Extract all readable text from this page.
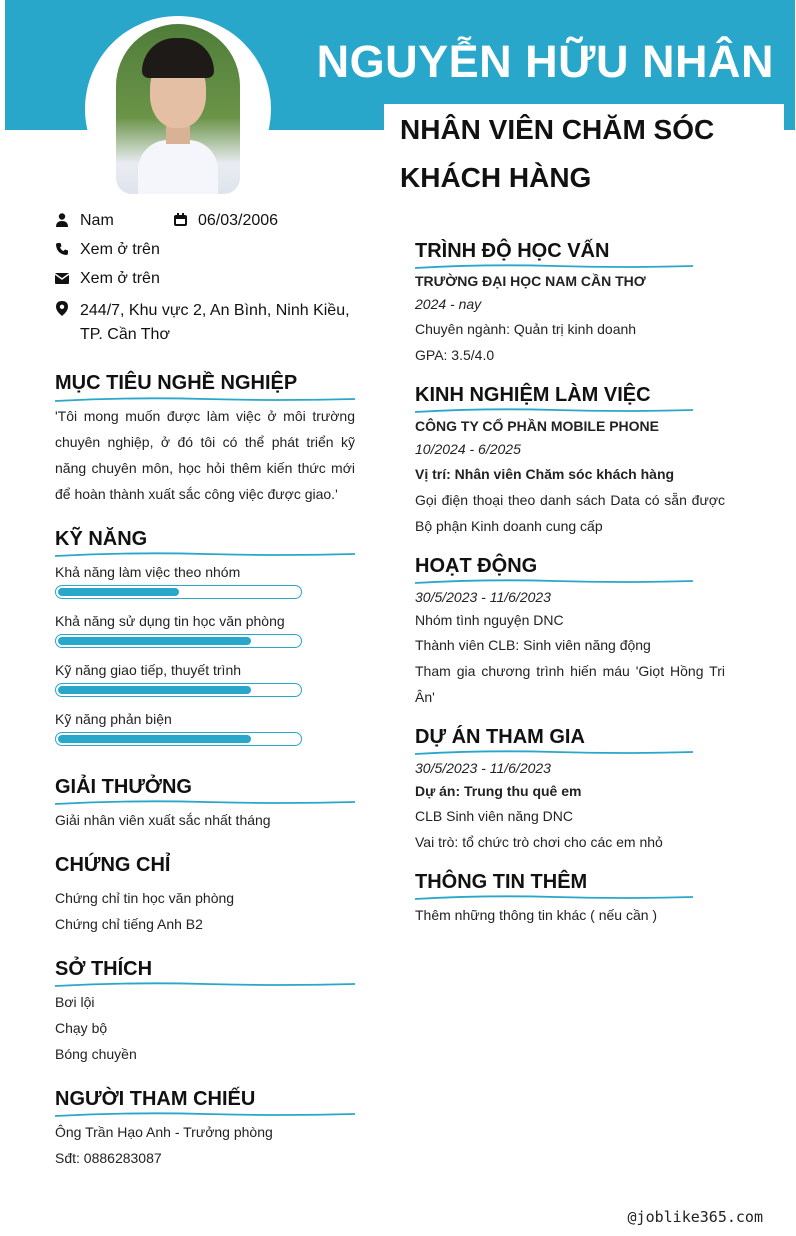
NGUYỄN HỮU NHÂN
NHÂN VIÊN CHĂM SÓC KHÁCH HÀNG
Nam	06/03/2006
Xem ở trên
Xem ở trên
244/7, Khu vực 2, An Bình, Ninh Kiều, TP. Cần Thơ
MỤC TIÊU NGHỀ NGHIỆP
'Tôi mong muốn được làm việc ở môi trường chuyên nghiệp, ở đó tôi có thể phát triển kỹ năng chuyên môn, học hỏi thêm kiến thức mới để hoàn thành xuất sắc công việc được giao.'
KỸ NĂNG
Khả năng làm việc theo nhóm
Khả năng sử dụng tin học văn phòng
Kỹ năng giao tiếp, thuyết trình
Kỹ năng phản biện
GIẢI THƯỞNG
Giải nhân viên xuất sắc nhất tháng
CHỨNG CHỈ
Chứng chỉ tin học văn phòng
Chứng chỉ tiếng Anh B2
SỞ THÍCH
Bơi lội
Chạy bộ
Bóng chuyền
NGƯỜI THAM CHIẾU
Ông Trần Hạo Anh - Trưởng phòng
Sđt: 0886283087
TRÌNH ĐỘ HỌC VẤN
TRƯỜNG ĐẠI HỌC NAM CẦN THƠ
2024 - nay
Chuyên ngành: Quản trị kinh doanh
GPA: 3.5/4.0
KINH NGHIỆM LÀM VIỆC
CÔNG TY CỔ PHẦN MOBILE PHONE
10/2024 - 6/2025
Vị trí: Nhân viên Chăm sóc khách hàng
Gọi điện thoại theo danh sách Data có sẵn được Bộ phận Kinh doanh cung cấp
HOẠT ĐỘNG
30/5/2023 - 11/6/2023
Nhóm tình nguyện DNC
Thành viên CLB: Sinh viên năng động
Tham gia chương trình hiến máu 'Giọt Hồng Tri Ân'
DỰ ÁN THAM GIA
30/5/2023 - 11/6/2023
Dự án: Trung thu quê em
CLB Sinh viên năng DNC
Vai trò: tổ chức trò chơi cho các em nhỏ
THÔNG TIN THÊM
Thêm những thông tin khác ( nếu cần )
@joblike365.com
